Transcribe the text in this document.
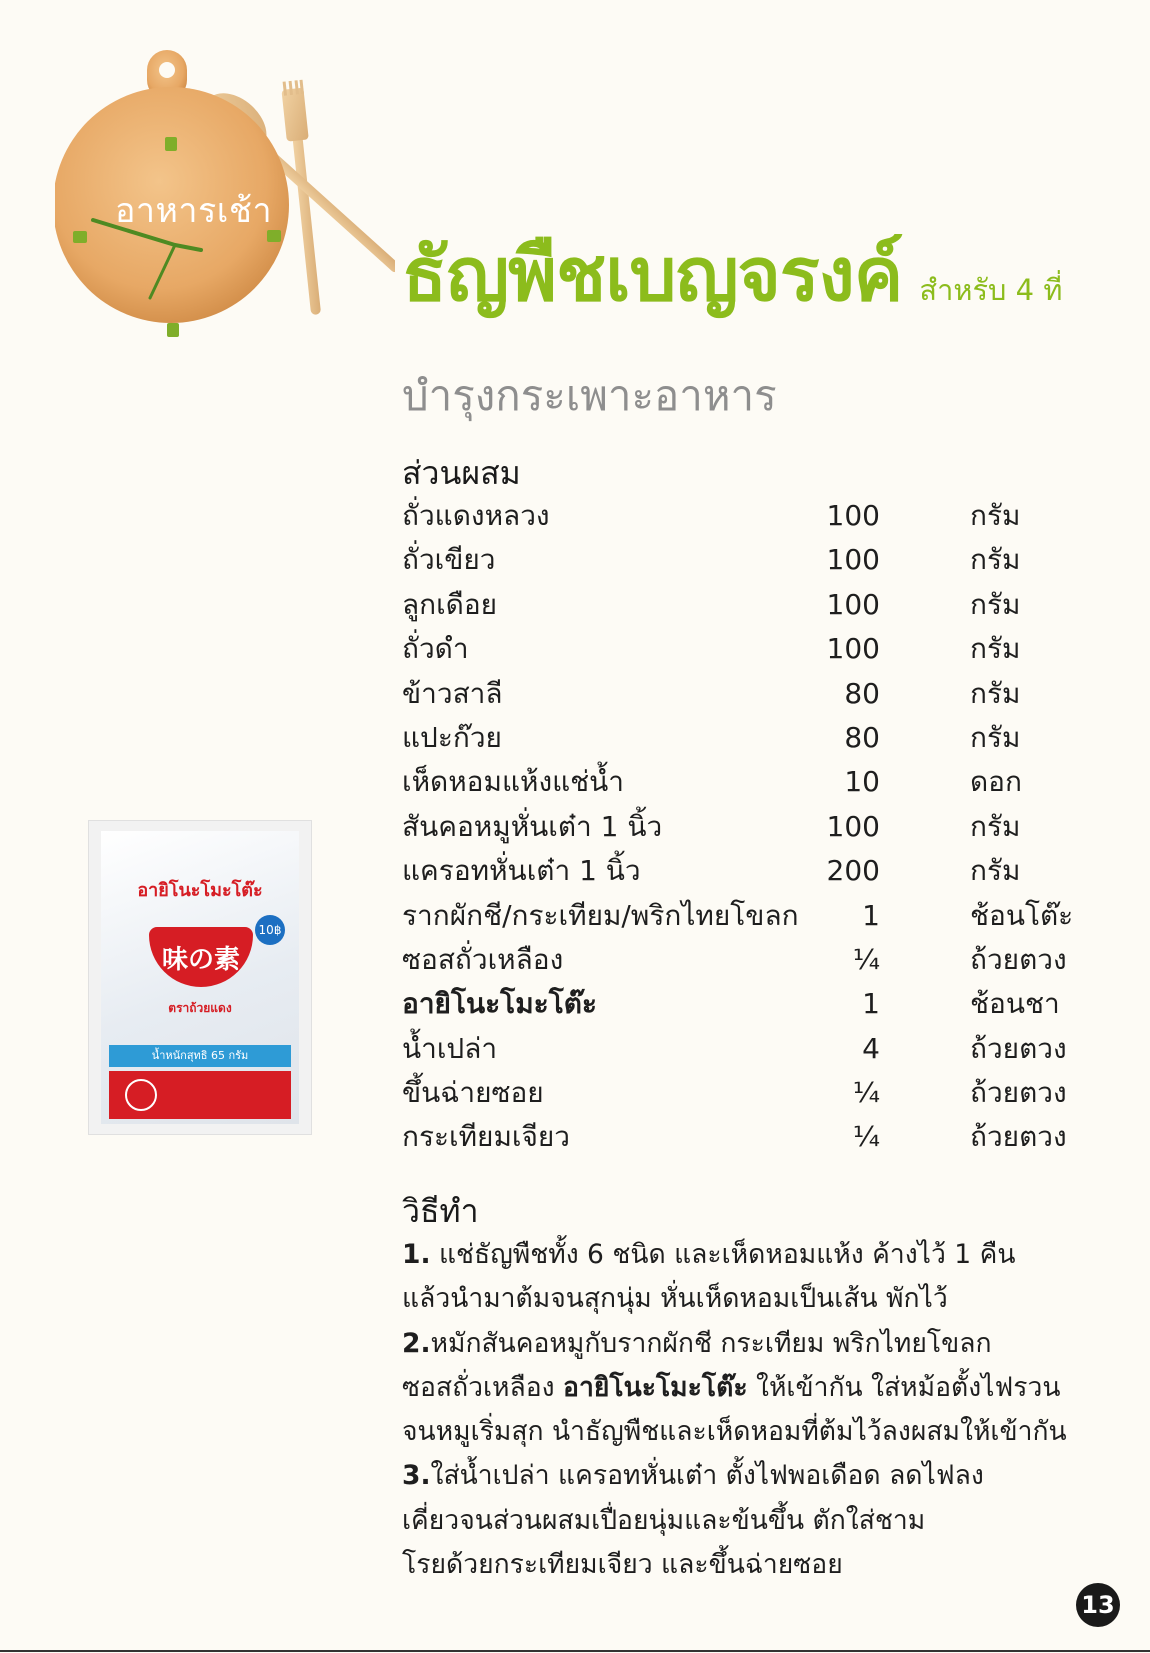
อาหารเช้า
ธัญพืชเบญจรงค์ สำหรับ 4 ที่
บำรุงกระเพาะอาหาร
ส่วนผสม
ถั่วแดงหลวง	100	กรัม
ถั่วเขียว	100	กรัม
ลูกเดือย	100	กรัม
ถั่วดำ	100	กรัม
ข้าวสาลี	80	กรัม
แปะก๊วย	80	กรัม
เห็ดหอมแห้งแช่น้ำ	10	ดอก
สันคอหมูหั่นเต๋า 1 นิ้ว	100	กรัม
แครอทหั่นเต๋า 1 นิ้ว	200	กรัม
รากผักชี/กระเทียม/พริกไทยโขลก 1	ช้อนโต๊ะ
ซอสถั่วเหลือง	¼	ถ้วยตวง
อายิโนะโมะโต๊ะ	1	ช้อนชา
น้ำเปล่า	4	ถ้วยตวง
ขึ้นฉ่ายซอย	¼	ถ้วยตวง
กระเทียมเจียว	¼	ถ้วยตวง
วิธีทำ

1. แช่ธัญพืชทั้ง 6 ชนิด และเห็ดหอมแห้ง ค้างไว้ 1 คืน

แล้วนำมาต้มจนสุกนุ่ม หั่นเห็ดหอมเป็นเส้น พักไว้

2.หมักสันคอหมูกับรากผักชี กระเทียม พริกไทยโขลก

ซอสถั่วเหลือง อายิโนะโมะโต๊ะ ให้เข้ากัน ใส่หม้อตั้งไฟรวน

จนหมูเริ่มสุก นำธัญพืชและเห็ดหอมที่ต้มไว้ลงผสมให้เข้ากัน

3.ใส่น้ำเปล่า แครอทหั่นเต๋า ตั้งไฟพอเดือด ลดไฟลง

เคี่ยวจนส่วนผสมเปื่อยนุ่มและข้นขึ้น ตักใส่ชาม

โรยด้วยกระเทียมเจียว และขึ้นฉ่ายซอย

อายิโนะโมะโต๊ะ
10฿
味の素
ตราถ้วยแดง
น้ำหนักสุทธิ 65 กรัม
13
